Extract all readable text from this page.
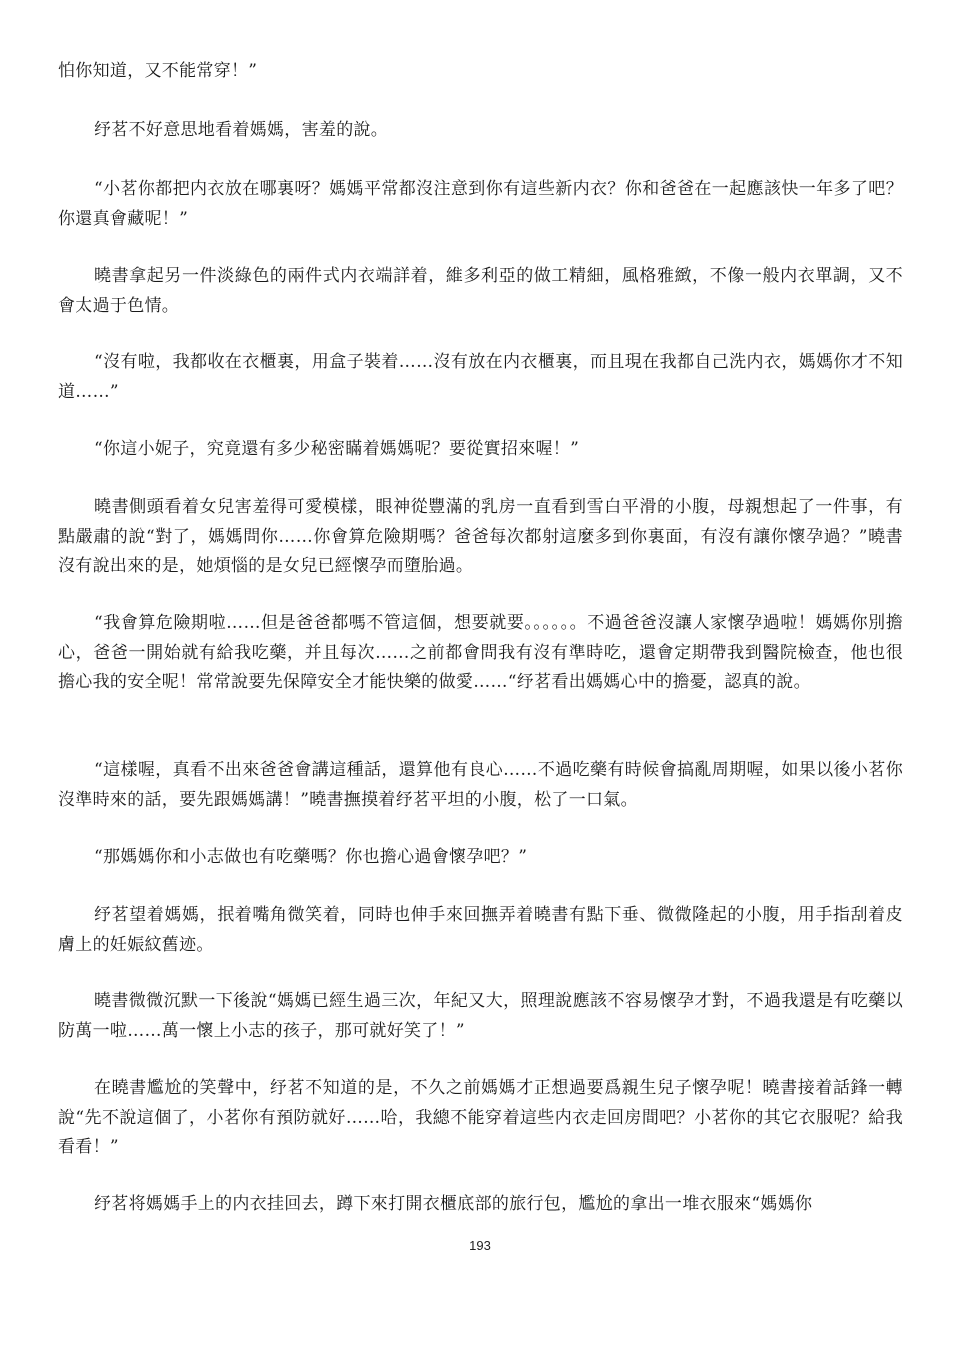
怕你知道，又不能常穿！”

纾茗不好意思地看着媽媽，害羞的說。

“小茗你都把内衣放在哪裏呀？媽媽平常都沒注意到你有這些新内衣？你和爸爸在一起應該快一年多了吧？你還真會藏呢！”

曉書拿起另一件淡綠色的兩件式内衣端詳着，維多利亞的做工精細，風格雅緻，不像一般内衣單調，又不會太過于色情。

“沒有啦，我都收在衣櫃裏，用盒子裝着……沒有放在内衣櫃裏，而且現在我都自己洗内衣，媽媽你才不知道……”

“你這小妮子，究竟還有多少秘密瞞着媽媽呢？要從實招來喔！”

曉書側頭看着女兒害羞得可愛模樣，眼神從豐滿的乳房一直看到雪白平滑的小腹，母親想起了一件事，有點嚴肅的說“對了，媽媽問你……你會算危險期嗎？爸爸每次都射這麼多到你裏面，有沒有讓你懷孕過？”曉書沒有說出來的是，她煩惱的是女兒已經懷孕而墮胎過。

“我會算危險期啦……但是爸爸都嗎不管這個，想要就要。。。。。。不過爸爸沒讓人家懷孕過啦！媽媽你別擔心，爸爸一開始就有給我吃藥，并且每次……之前都會問我有沒有準時吃，還會定期帶我到醫院檢查，他也很擔心我的安全呢！常常說要先保障安全才能快樂的做愛……“纾茗看出媽媽心中的擔憂，認真的說。

“這樣喔，真看不出來爸爸會講這種話，還算他有良心……不過吃藥有時候會搞亂周期喔，如果以後小茗你沒準時來的話，要先跟媽媽講！”曉書撫摸着纾茗平坦的小腹，松了一口氣。

“那媽媽你和小志做也有吃藥嗎？你也擔心過會懷孕吧？”

纾茗望着媽媽，抿着嘴角微笑着，同時也伸手來回撫弄着曉書有點下垂、微微隆起的小腹，用手指刮着皮膚上的妊娠紋舊迹。

曉書微微沉默一下後說“媽媽已經生過三次，年紀又大，照理說應該不容易懷孕才對，不過我還是有吃藥以防萬一啦……萬一懷上小志的孩子，那可就好笑了！”

在曉書尷尬的笑聲中，纾茗不知道的是，不久之前媽媽才正想過要爲親生兒子懷孕呢！曉書接着話鋒一轉說“先不說這個了，小茗你有預防就好……哈，我總不能穿着這些内衣走回房間吧？小茗你的其它衣服呢？給我看看！”

纾茗将媽媽手上的内衣挂回去，蹲下來打開衣櫃底部的旅行包，尷尬的拿出一堆衣服來“媽媽你

193
